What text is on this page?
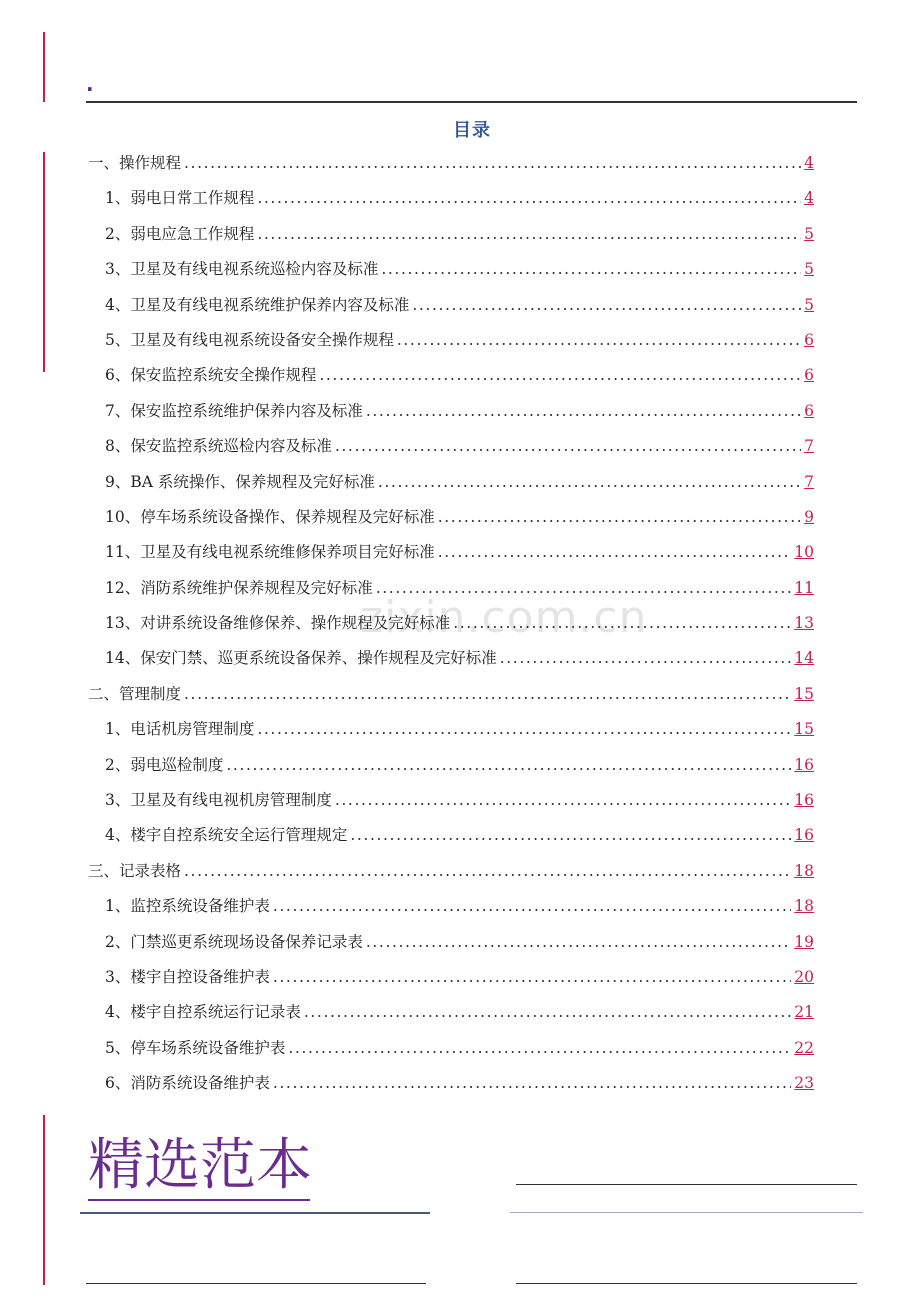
.
目录
zixin.com.cn
一、操作规程 .....	4
1、弱电日常工作规程 .....	4
2、弱电应急工作规程 .....	5
3、卫星及有线电视系统巡检内容及标准 .....	5
4、卫星及有线电视系统维护保养内容及标准 .....	5
5、卫星及有线电视系统设备安全操作规程 .....	6
6、保安监控系统安全操作规程 .....	6
7、保安监控系统维护保养内容及标准 .....	6
8、保安监控系统巡检内容及标准 .....	7
9、BA 系统操作、保养规程及完好标准 .....	7
10、停车场系统设备操作、保养规程及完好标准 .....	9
11、卫星及有线电视系统维修保养项目完好标准 .....	10
12、消防系统维护保养规程及完好标准 .....	11
13、对讲系统设备维修保养、操作规程及完好标准 .....	13
14、保安门禁、巡更系统设备保养、操作规程及完好标准 .....	14
二、管理制度 .....	15
1、电话机房管理制度 .....	15
2、弱电巡检制度 .....	16
3、卫星及有线电视机房管理制度 .....	16
4、楼宇自控系统安全运行管理规定 .....	16
三、记录表格 .....	18
1、监控系统设备维护表 .....	18
2、门禁巡更系统现场设备保养记录表 .....	19
3、楼宇自控设备维护表 .....	20
4、楼宇自控系统运行记录表 .....	21
5、停车场系统设备维护表 .....	22
6、消防系统设备维护表 .....	23
精选范本
